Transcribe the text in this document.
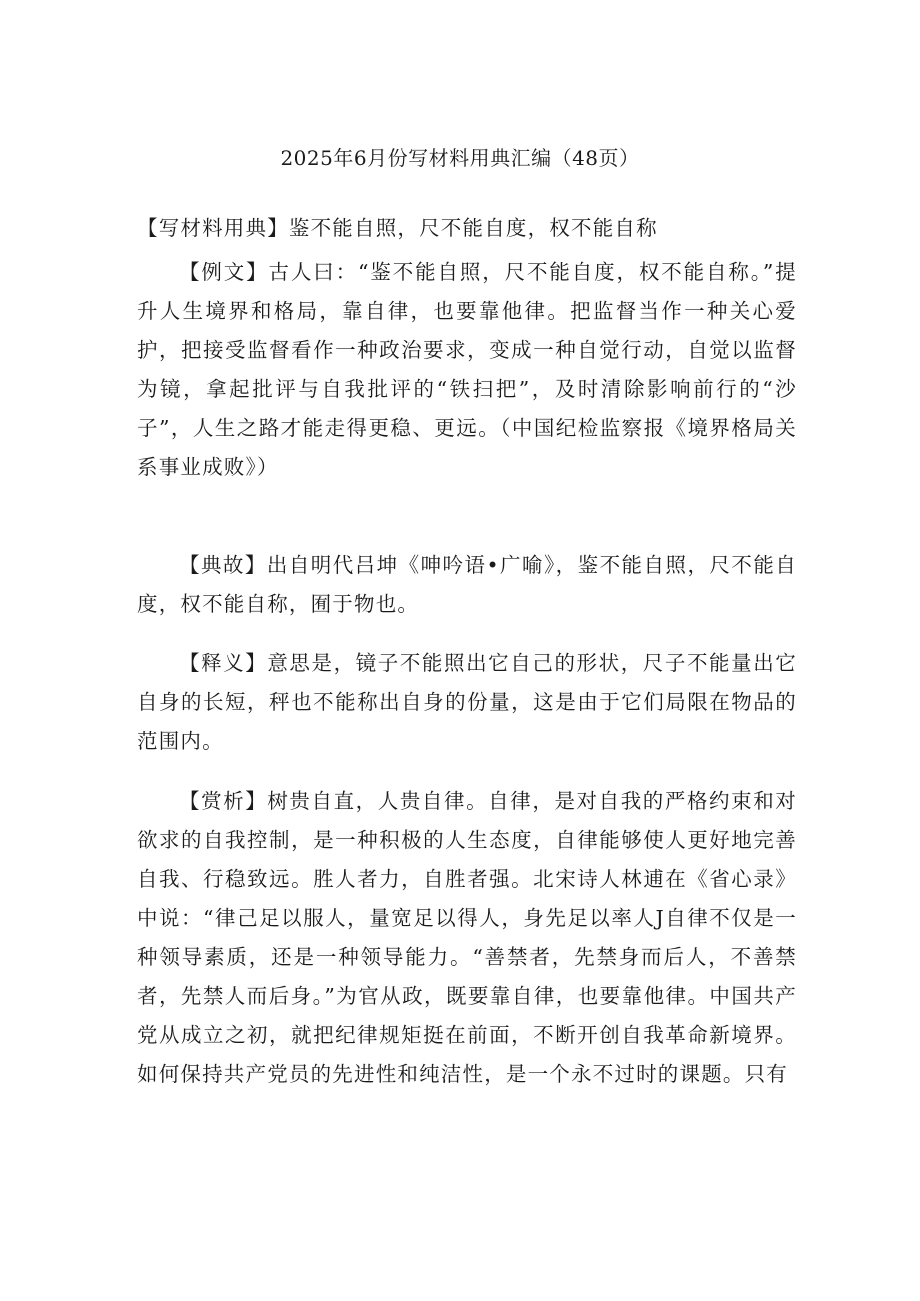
2025年6月份写材料用典汇编（48页）

【写材料用典】鉴不能自照，尺不能自度，权不能自称

【例文】古人曰：“鉴不能自照，尺不能自度，权不能自称。”提升人生境界和格局，靠自律，也要靠他律。把监督当作一种关心爱护，把接受监督看作一种政治要求，变成一种自觉行动，自觉以监督为镜，拿起批评与自我批评的“铁扫把”，及时清除影响前行的“沙子”，人生之路才能走得更稳、更远。（中国纪检监察报《境界格局关系事业成败》）

【典故】出自明代吕坤《呻吟语•广喻》，鉴不能自照，尺不能自度，权不能自称，囿于物也。

【释义】意思是，镜子不能照出它自己的形状，尺子不能量出它自身的长短，秤也不能称出自身的份量，这是由于它们局限在物品的范围内。

【赏析】树贵自直，人贵自律。自律，是对自我的严格约束和对欲求的自我控制，是一种积极的人生态度，自律能够使人更好地完善自我、行稳致远。胜人者力，自胜者强。北宋诗人林逋在《省心录》中说：“律己足以服人，量宽足以得人，身先足以率人J自律不仅是一种领导素质，还是一种领导能力。“善禁者，先禁身而后人，不善禁者，先禁人而后身。”为官从政，既要靠自律，也要靠他律。中国共产党从成立之初，就把纪律规矩挺在前面，不断开创自我革命新境界。如何保持共产党员的先进性和纯洁性，是一个永不过时的课题。只有
